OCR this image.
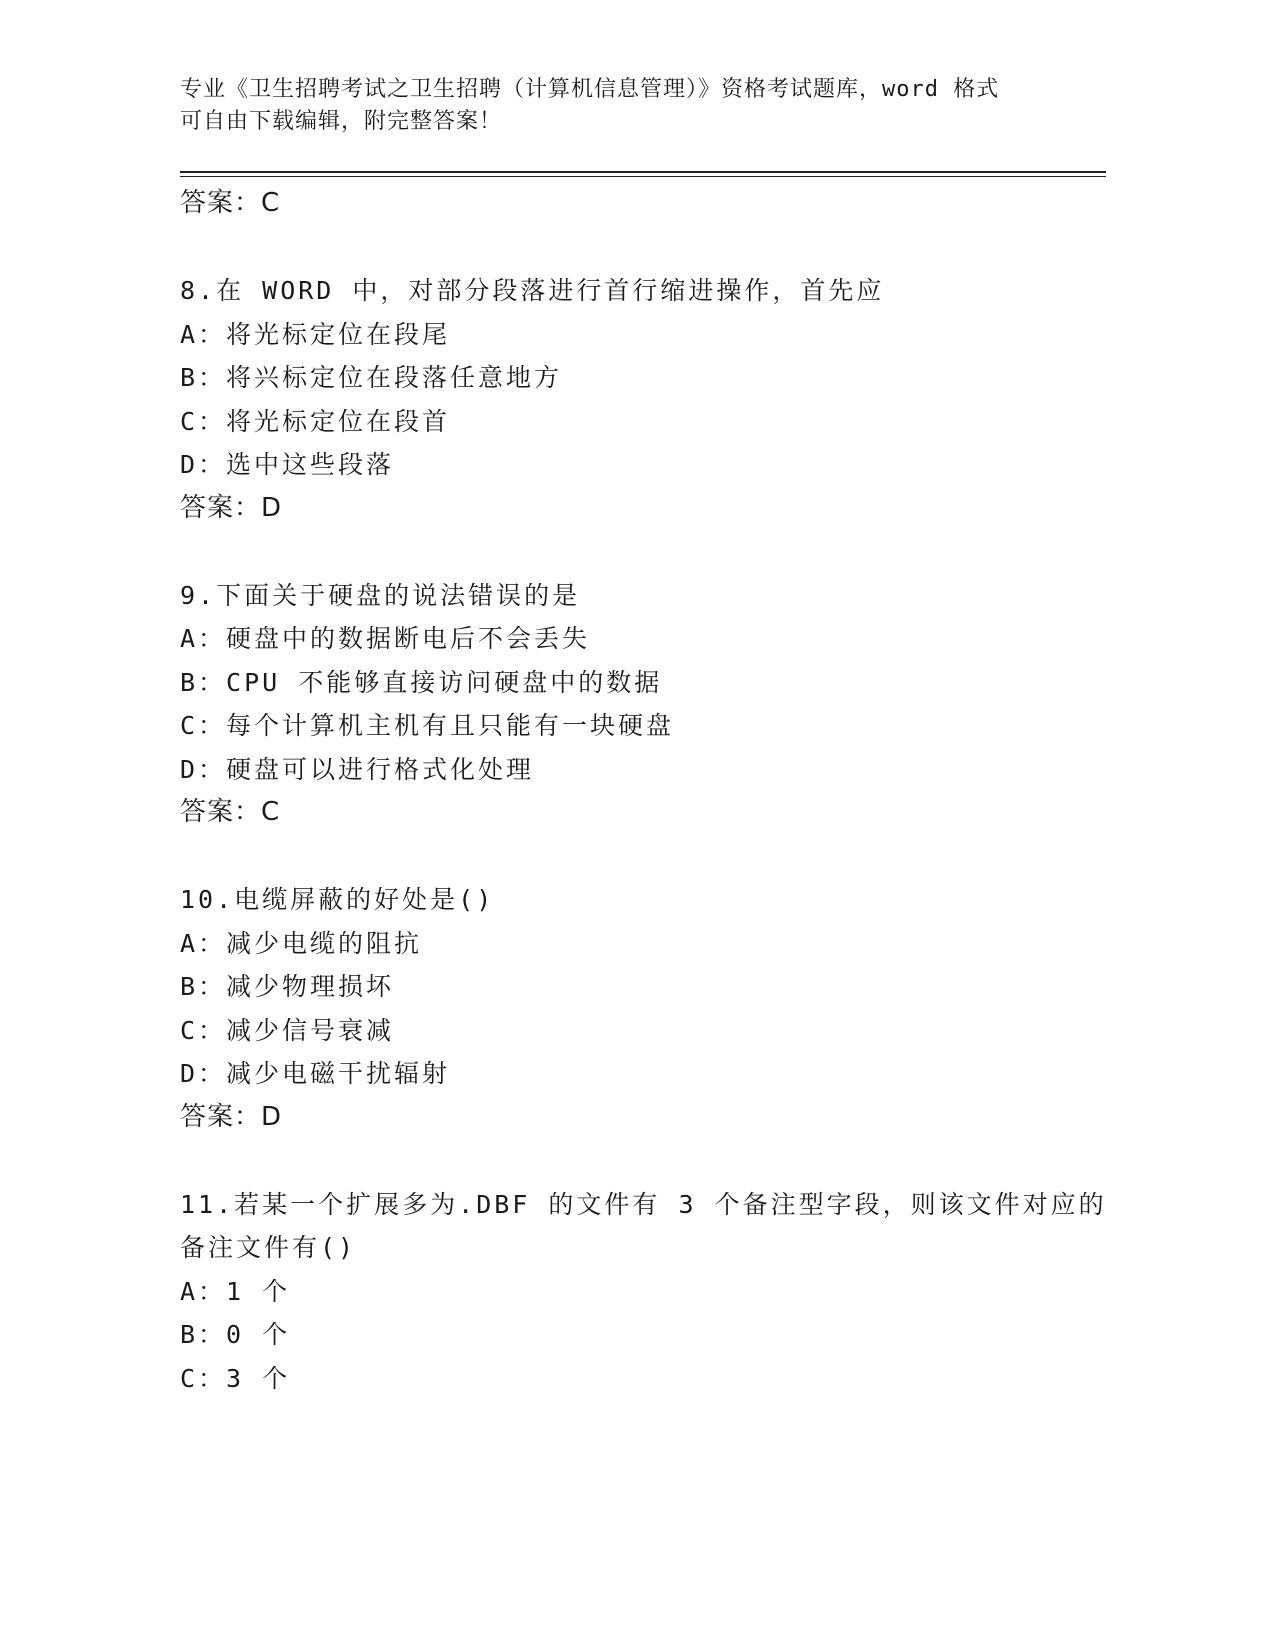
专业《卫生招聘考试之卫生招聘（计算机信息管理）》资格考试题库，word 格式
可自由下载编辑，附完整答案！
答案：C
8.在 WORD 中，对部分段落进行首行缩进操作，首先应
A：将光标定位在段尾
B：将兴标定位在段落任意地方
C：将光标定位在段首
D：选中这些段落
答案：D
9.下面关于硬盘的说法错误的是
A：硬盘中的数据断电后不会丢失
B：CPU 不能够直接访问硬盘中的数据
C：每个计算机主机有且只能有一块硬盘
D：硬盘可以进行格式化处理
答案：C
10.电缆屏蔽的好处是()
A：减少电缆的阻抗
B：减少物理损坏
C：减少信号衰减
D：减少电磁干扰辐射
答案：D
11.若某一个扩展多为.DBF 的文件有 3 个备注型字段，则该文件对应的
备注文件有()
A：1 个
B：0 个
C：3 个
